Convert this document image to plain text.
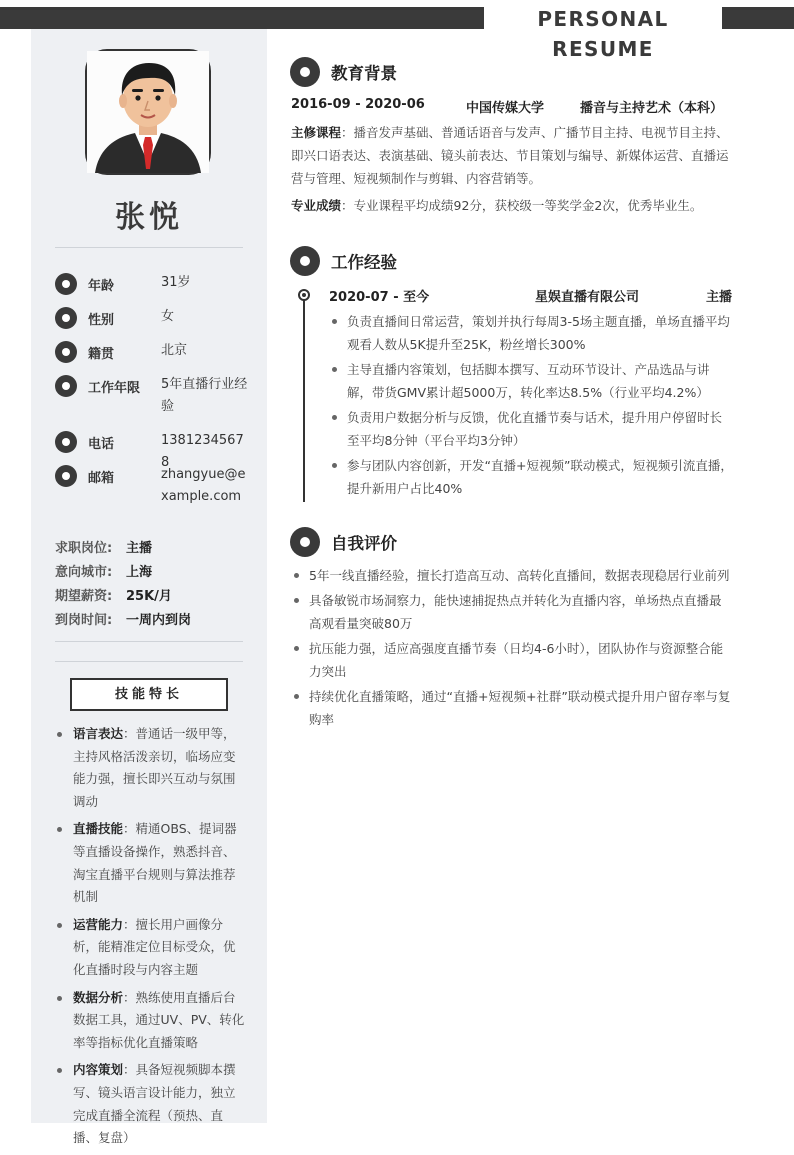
PERSONAL RESUME
张悦
年龄	31岁
性别	女
籍贯	北京
工作年限 5年直播行业经验
电话	13812345678
邮箱	zhangyue@example.com
求职岗位: 主播
意向城市: 上海
期望薪资: 25K/月
到岗时间: 一周内到岗
技能特长
语言表达：普通话一级甲等，主持风格活泼亲切，临场应变能力强，擅长即兴互动与氛围调动
直播技能：精通OBS、提词器等直播设备操作，熟悉抖音、淘宝直播平台规则与算法推荐机制
运营能力：擅长用户画像分析，能精准定位目标受众，优化直播时段与内容主题
数据分析：熟练使用直播后台数据工具，通过UV、PV、转化率等指标优化直播策略
内容策划：具备短视频脚本撰写、镜头语言设计能力，独立完成直播全流程（预热、直播、复盘）
教育背景
2016-09 - 2020-06	中国传媒大学	播音与主持艺术（本科）
主修课程：播音发声基础、普通话语音与发声、广播节目主持、电视节目主持、即兴口语表达、表演基础、镜头前表达、节目策划与编导、新媒体运营、直播运营与管理、短视频制作与剪辑、内容营销等。
专业成绩：专业课程平均成绩92分，获校级一等奖学金2次，优秀毕业生。
工作经验
2020-07 - 至今	星娱直播有限公司	主播
负责直播间日常运营，策划并执行每周3-5场主题直播，单场直播平均观看人数从5K提升至25K，粉丝增长300%
主导直播内容策划，包括脚本撰写、互动环节设计、产品选品与讲解，带货GMV累计超5000万，转化率达8.5%（行业平均4.2%）
负责用户数据分析与反馈，优化直播节奏与话术，提升用户停留时长至平均8分钟（平台平均3分钟）
参与团队内容创新，开发“直播+短视频”联动模式，短视频引流直播，提升新用户占比40%
自我评价
5年一线直播经验，擅长打造高互动、高转化直播间，数据表现稳居行业前列
具备敏锐市场洞察力，能快速捕捉热点并转化为直播内容，单场热点直播最高观看量突破80万
抗压能力强，适应高强度直播节奏（日均4-6小时），团队协作与资源整合能力突出
持续优化直播策略，通过“直播+短视频+社群”联动模式提升用户留存率与复购率
